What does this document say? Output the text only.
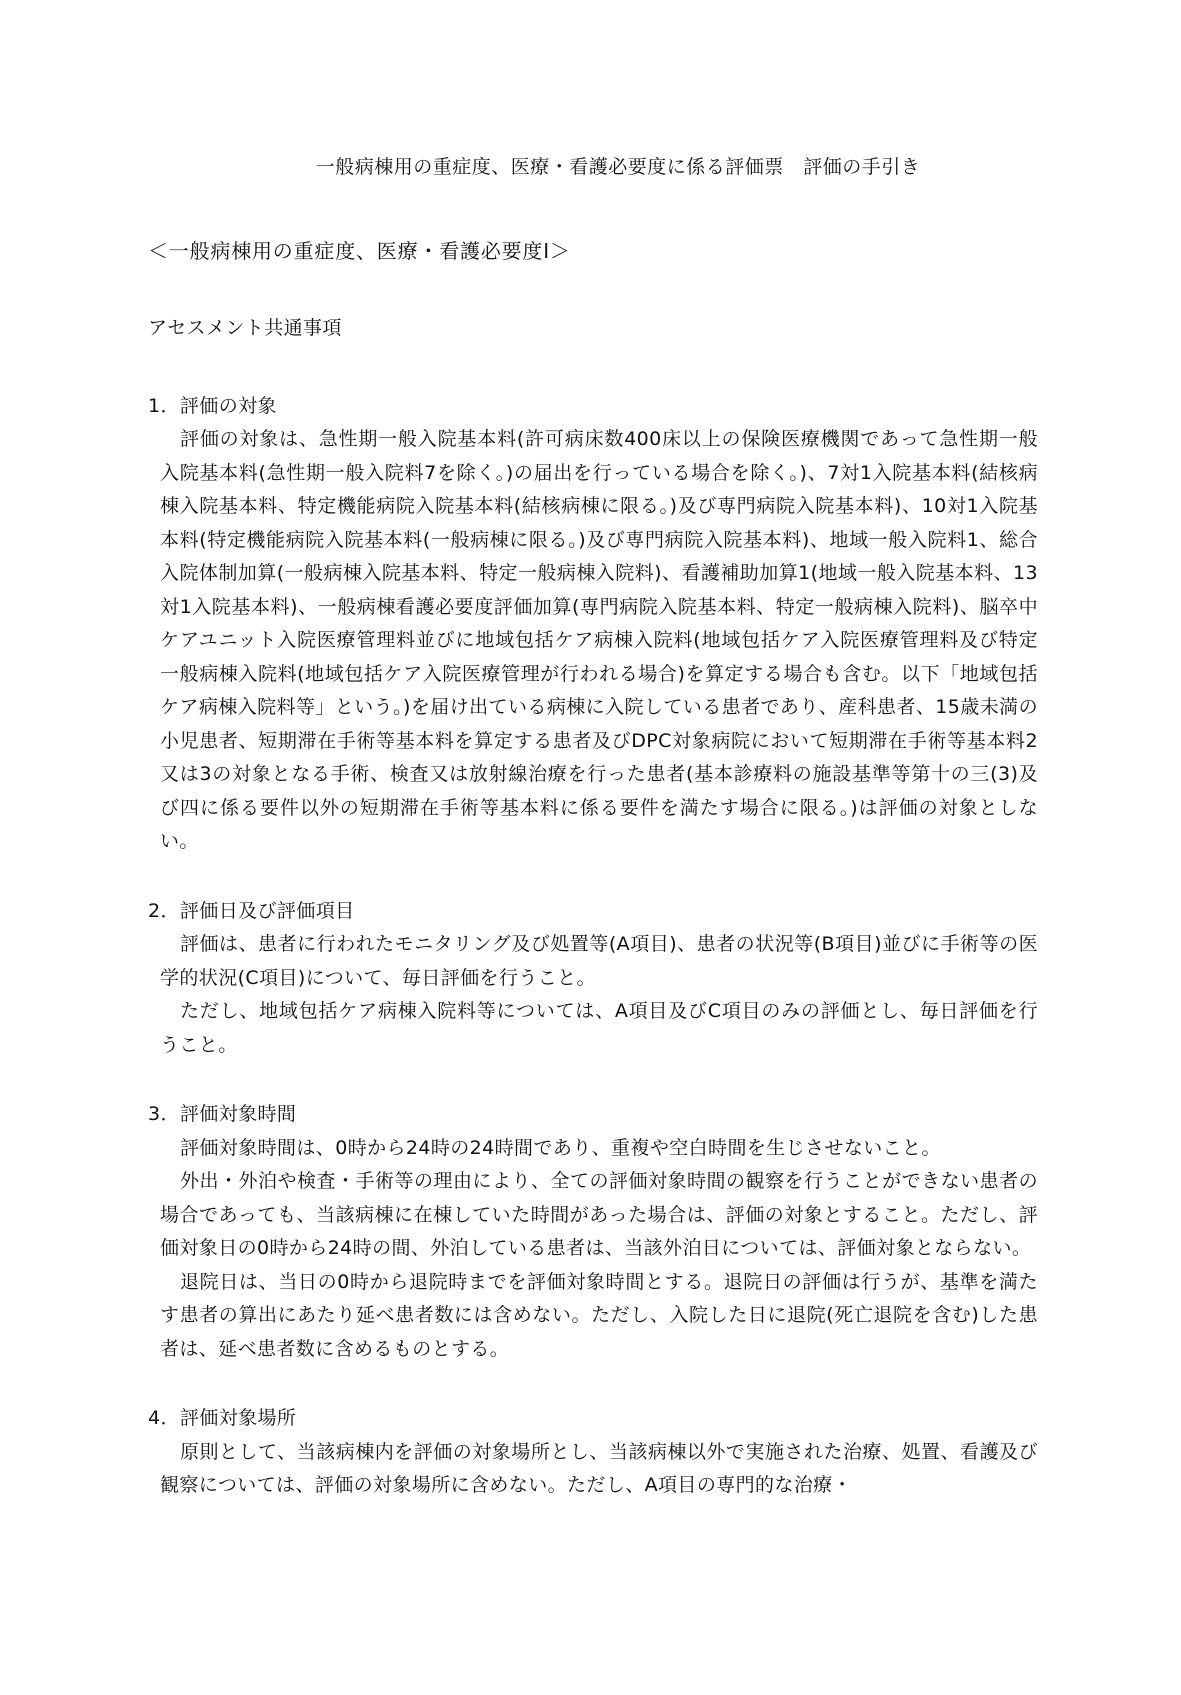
一般病棟用の重症度、医療・看護必要度に係る評価票　評価の手引き

＜一般病棟用の重症度、医療・看護必要度Ⅰ＞

アセスメント共通事項

1．評価の対象

評価の対象は、急性期一般入院基本料(許可病床数400床以上の保険医療機関であって急性期一般入院基本料(急性期一般入院料7を除く。)の届出を行っている場合を除く。)、7対1入院基本料(結核病棟入院基本料、特定機能病院入院基本料(結核病棟に限る。)及び専門病院入院基本料)、10対1入院基本料(特定機能病院入院基本料(一般病棟に限る。)及び専門病院入院基本料)、地域一般入院料1、総合入院体制加算(一般病棟入院基本料、特定一般病棟入院料)、看護補助加算1(地域一般入院基本料、13対1入院基本料)、一般病棟看護必要度評価加算(専門病院入院基本料、特定一般病棟入院料)、脳卒中ケアユニット入院医療管理料並びに地域包括ケア病棟入院料(地域包括ケア入院医療管理料及び特定一般病棟入院料(地域包括ケア入院医療管理が行われる場合)を算定する場合も含む。以下「地域包括ケア病棟入院料等」という。)を届け出ている病棟に入院している患者であり、産科患者、15歳未満の小児患者、短期滞在手術等基本料を算定する患者及びDPC対象病院において短期滞在手術等基本料2又は3の対象となる手術、検査又は放射線治療を行った患者(基本診療料の施設基準等第十の三(3)及び四に係る要件以外の短期滞在手術等基本料に係る要件を満たす場合に限る。)は評価の対象としない。

2．評価日及び評価項目

評価は、患者に行われたモニタリング及び処置等(A項目)、患者の状況等(B項目)並びに手術等の医学的状況(C項目)について、毎日評価を行うこと。

ただし、地域包括ケア病棟入院料等については、A項目及びC項目のみの評価とし、毎日評価を行うこと。

3．評価対象時間

評価対象時間は、0時から24時の24時間であり、重複や空白時間を生じさせないこと。

外出・外泊や検査・手術等の理由により、全ての評価対象時間の観察を行うことができない患者の場合であっても、当該病棟に在棟していた時間があった場合は、評価の対象とすること。ただし、評価対象日の0時から24時の間、外泊している患者は、当該外泊日については、評価対象とならない。

退院日は、当日の0時から退院時までを評価対象時間とする。退院日の評価は行うが、基準を満たす患者の算出にあたり延べ患者数には含めない。ただし、入院した日に退院(死亡退院を含む)した患者は、延べ患者数に含めるものとする。

4．評価対象場所

原則として、当該病棟内を評価の対象場所とし、当該病棟以外で実施された治療、処置、看護及び観察については、評価の対象場所に含めない。ただし、A項目の専門的な治療・
